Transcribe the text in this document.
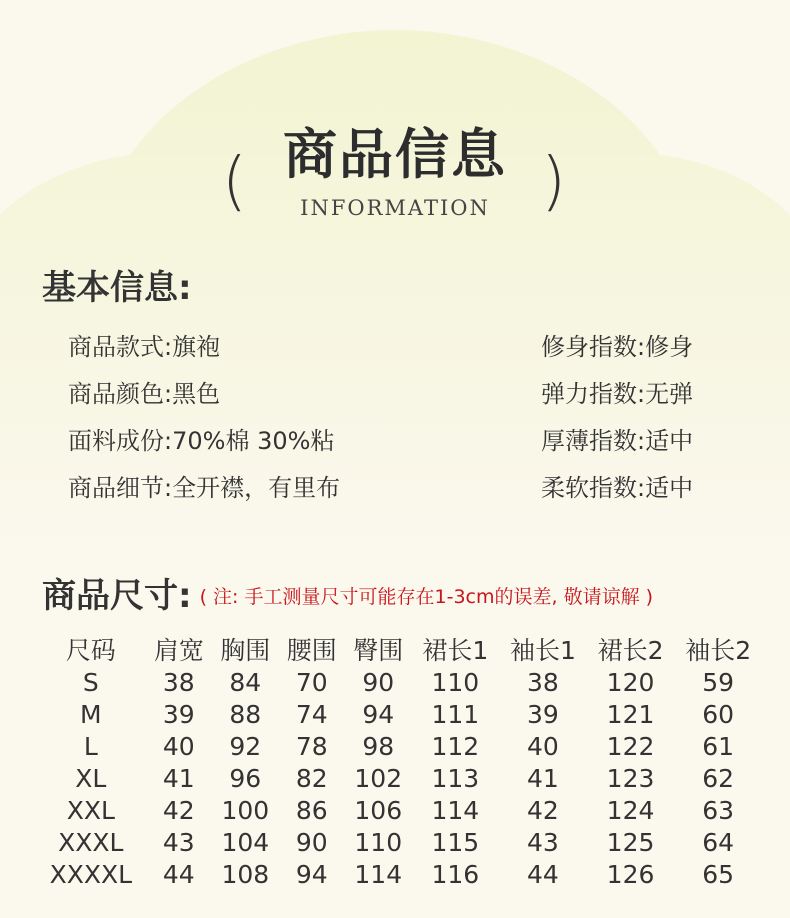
( 商品信息 )
INFORMATION
基本信息:
商品款式:旗袍
商品颜色:黑色
面料成份:70%棉 30%粘
商品细节:全开襟，有里布
修身指数:修身
弹力指数:无弹
厚薄指数:适中
柔软指数:适中
商品尺寸: ( 注: 手工测量尺寸可能存在1-3cm的误差, 敬请谅解 )
尺码	肩宽	胸围	腰围	臀围	裙长1	袖长1	裙长2	袖长2
S	38	84	70	90	110	38	120	59
M	39	88	74	94	111	39	121	60
L	40	92	78	98	112	40	122	61
XL	41	96	82	102	113	41	123	62
XXL	42	100	86	106	114	42	124	63
XXXL	43	104	90	110	115	43	125	64
XXXXL	44	108	94	114	116	44	126	65
